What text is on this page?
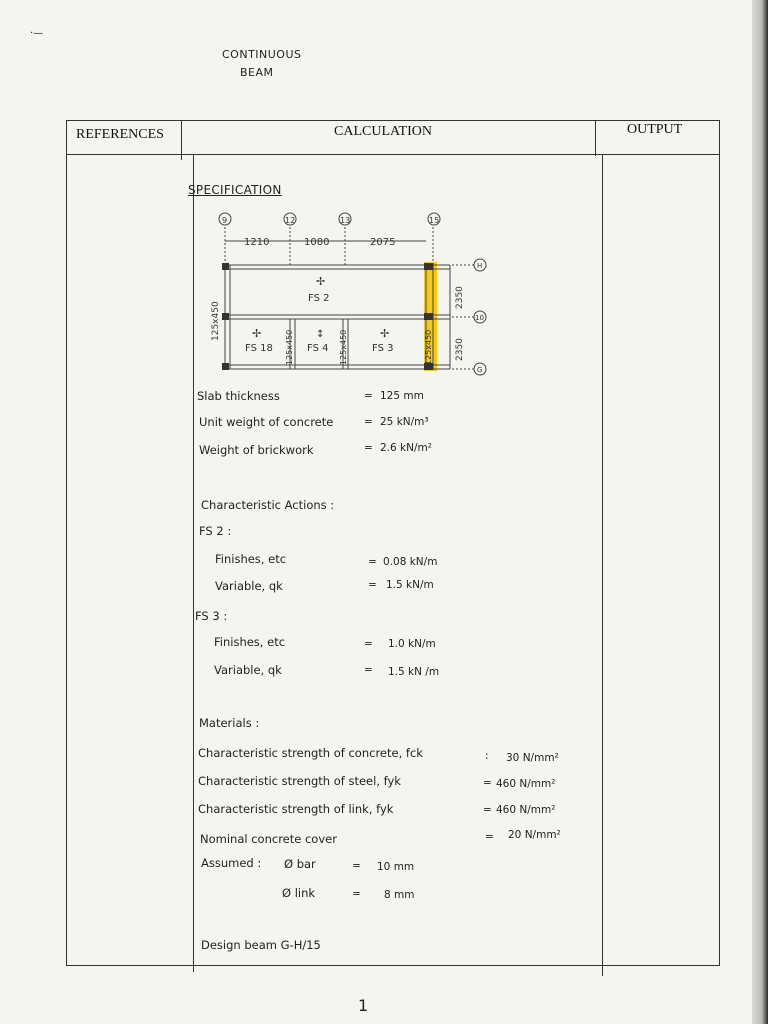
·—
CONTINUOUS
BEAM
REFERENCES	CALCULATION	OUTPUT
SPECIFICATION
9	12	13	15
H
10
G
1210	1080	2075
2350
2350
125x450
125x450	125x450	125x450
FS 2
FS 18	FS 4	FS 3
✢
✢	↕	✢
Slab thickness	= 125 mm
Unit weight of concrete	= 25 kN/m³
Weight of brickwork	= 2.6 kN/m²
Characteristic Actions :
FS 2 :
Finishes, etc	= 0.08 kN/m
Variable, qk	= 1.5 kN/m
FS 3 :
Finishes, etc	= 1.0 kN/m
Variable, qk	= 1.5 kN /m
Materials :
Characteristic strength of concrete, fck	: 30 N/mm²
Characteristic strength of steel, fyk	= 460 N/mm²
Characteristic strength of link, fyk	= 460 N/mm²
Nominal concrete cover	= 20 N/mm²
Assumed : Ø bar	= 10 mm
Ø link	= 8 mm
Design beam G-H/15
1
